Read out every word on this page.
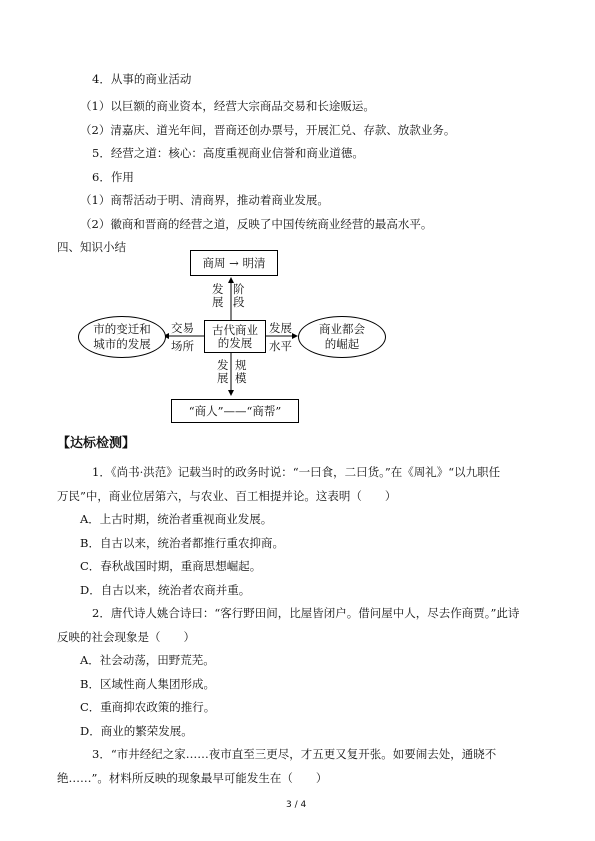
4．从事的商业活动
（1）以巨额的商业资本，经营大宗商品交易和长途贩运。
（2）清嘉庆、道光年间，晋商还创办票号，开展汇兑、存款、放款业务。
5．经营之道：核心：高度重视商业信誉和商业道德。
6．作用
（1）商帮活动于明、清商界，推动着商业发展。
（2）徽商和晋商的经营之道，反映了中国传统商业经营的最高水平。
四、知识小结
商周 → 明清
发展
阶段
市的变迁和
城市的发展
交易
场所
古代商业
的发展
发展
水平
商业都会
的崛起
发展
规模
“商人”——“商帮”
【达标检测】
1．《尚书·洪范》记载当时的政务时说：“一曰食，二曰货。”在《周礼》“以九职任
万民”中，商业位居第六，与农业、百工相提并论。这表明（　　）
A．上古时期，统治者重视商业发展。
B．自古以来，统治者都推行重农抑商。
C．春秋战国时期，重商思想崛起。
D．自古以来，统治者农商并重。
2．唐代诗人姚合诗曰：“客行野田间，比屋皆闭户。借问屋中人，尽去作商贾。”此诗
反映的社会现象是（　　）
A．社会动荡，田野荒芜。
B．区域性商人集团形成。
C．重商抑农政策的推行。
D．商业的繁荣发展。
3．“市井经纪之家……夜市直至三更尽，才五更又复开张。如要闹去处，通晓不
绝……”。材料所反映的现象最早可能发生在（　　）
3 / 4
